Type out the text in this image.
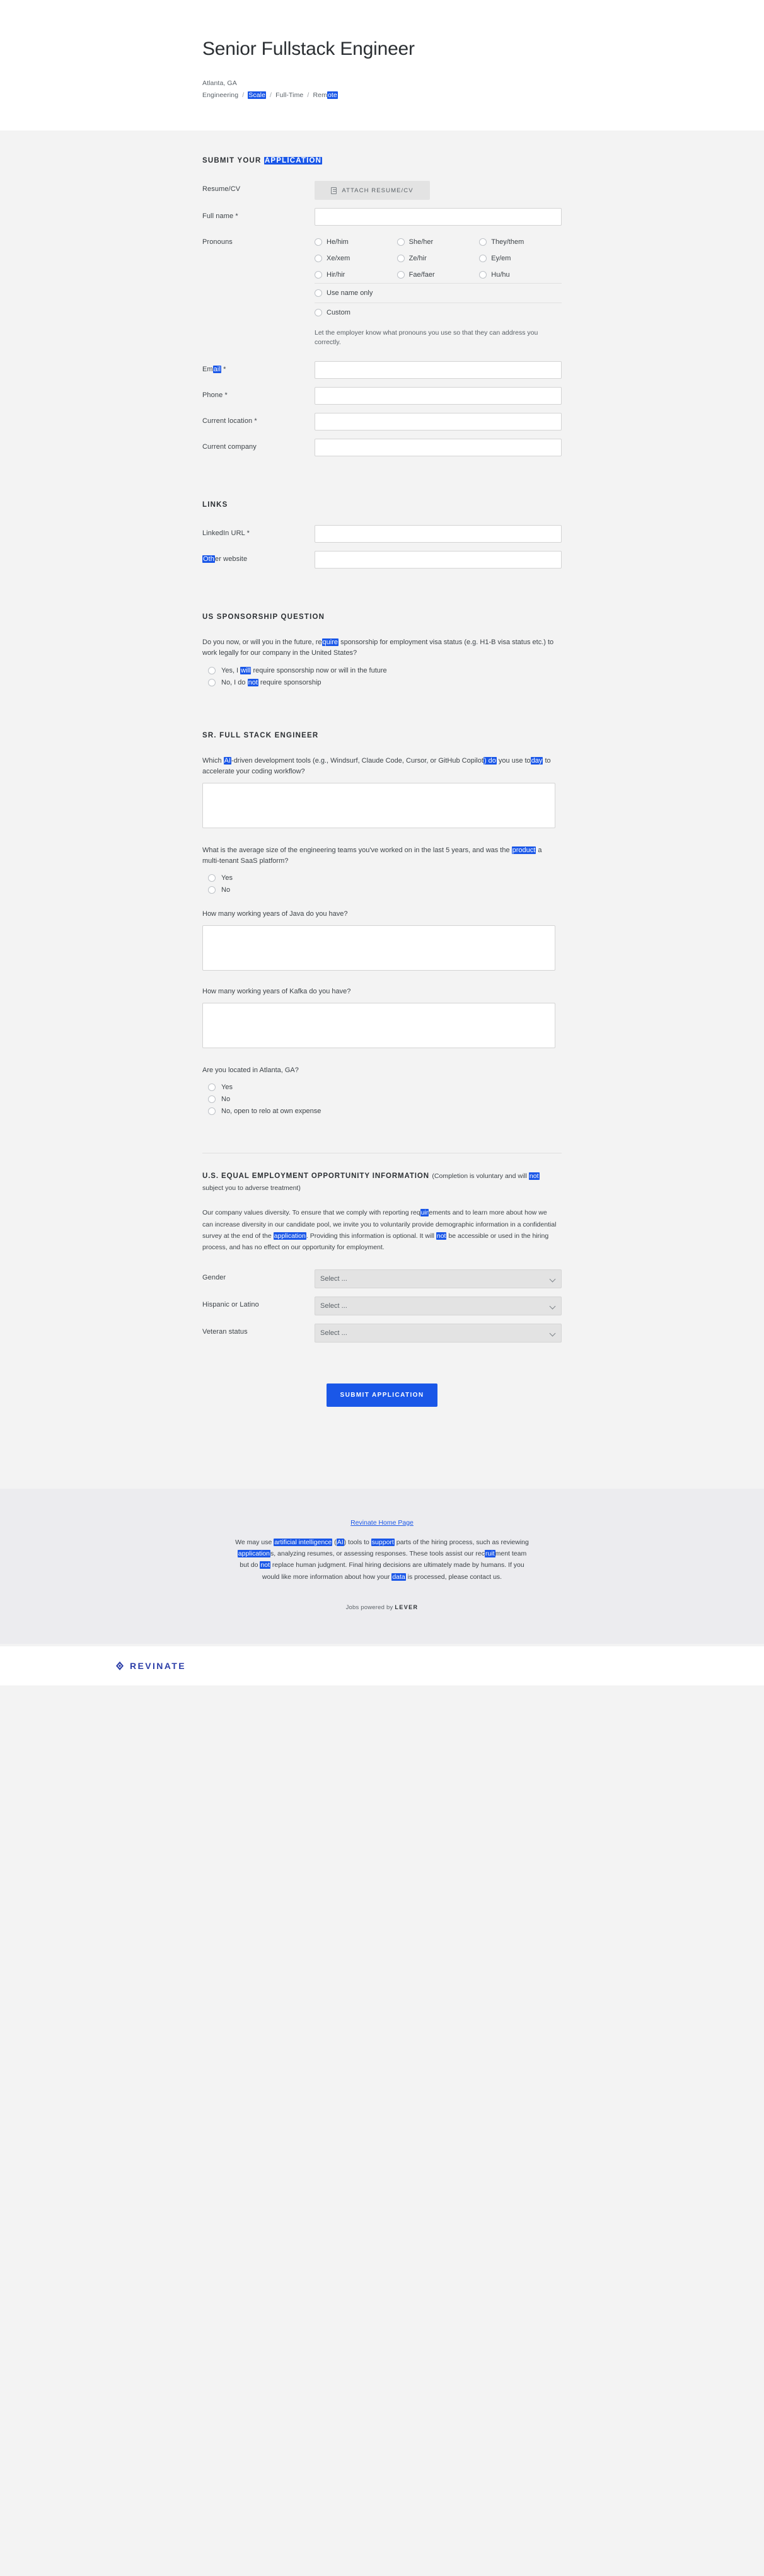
Senior Fullstack Engineer
Atlanta, GA
Engineering / Scale / Full-Time / Remote
SUBMIT YOUR APPLICATION
Resume/CV	ATTACH RESUME/CV
Full name *
Pronouns	He/him	She/her	They/them
Xe/xem	Ze/hir	Ey/em
Hir/hir	Fae/faer	Hu/hu
Use name only
Custom
Let the employer know what pronouns you use so that they can address you correctly.
Email *
Phone *
Current location *
Current company
LINKS
LinkedIn URL *
Other website
US SPONSORSHIP QUESTION
Do you now, or will you in the future, require sponsorship for employment visa status (e.g. H1-B visa status etc.) to work legally for our company in the United States?
Yes, I will require sponsorship now or will in the future
No, I do not require sponsorship
SR. FULL STACK ENGINEER
Which AI-driven development tools (e.g., Windsurf, Claude Code, Cursor, or GitHub Copilot) do you use today to accelerate your coding workflow?
What is the average size of the engineering teams you've worked on in the last 5 years, and was the product a multi-tenant SaaS platform?
Yes
No
How many working years of Java do you have?
How many working years of Kafka do you have?
Are you located in Atlanta, GA?
Yes
No
No, open to relo at own expense
U.S. EQUAL EMPLOYMENT OPPORTUNITY INFORMATION (Completion is voluntary and will not subject you to adverse treatment)
Our company values diversity. To ensure that we comply with reporting requirements and to learn more about how we can increase diversity in our candidate pool, we invite you to voluntarily provide demographic information in a confidential survey at the end of the application. Providing this information is optional. It will not be accessible or used in the hiring process, and has no effect on our opportunity for employment.
Gender
Select ...
Hispanic or Latino
Select ...
Veteran status
Select ...
SUBMIT APPLICATION
REVINATE
Revinate Home Page
We may use artificial intelligence (AI) tools to support parts of the hiring process, such as reviewing applications, analyzing resumes, or assessing responses. These tools assist our recruitment team but do not replace human judgment. Final hiring decisions are ultimately made by humans. If you would like more information about how your data is processed, please contact us.
Jobs powered by LEVER
